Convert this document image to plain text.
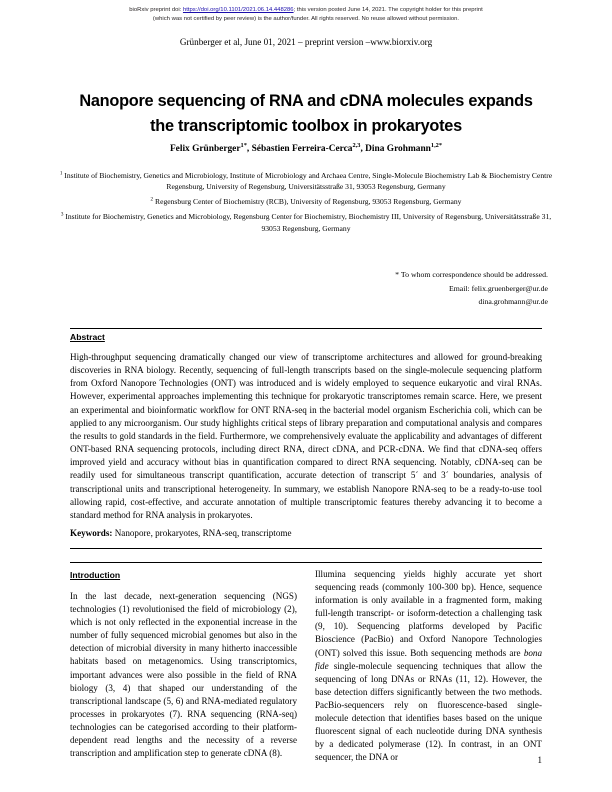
bioRxiv preprint doi: https://doi.org/10.1101/2021.06.14.448286; this version posted June 14, 2021. The copyright holder for this preprint
(which was not certified by peer review) is the author/funder. All rights reserved. No reuse allowed without permission.
Grünberger et al, June 01, 2021 – preprint version –www.biorxiv.org
Nanopore sequencing of RNA and cDNA molecules expands the transcriptomic toolbox in prokaryotes
Felix Grünberger$^{1*}$, Sébastien Ferreira-Cerca$^{2,3}$, Dina Grohmann$^{1,2*}$

$^1$ Institute of Biochemistry, Genetics and Microbiology, Institute of Microbiology and Archaea Centre, Single-Molecule Biochemistry Lab & Biochemistry Centre Regensburg, University of Regensburg, Universitätsstraße 31, 93053 Regensburg, Germany

$^2$ Regensburg Center of Biochemistry (RCB), University of Regensburg, 93053 Regensburg, Germany

$^3$ Institute for Biochemistry, Genetics and Microbiology, Regensburg Center for Biochemistry, Biochemistry III, University of Regensburg, Universitätsstraße 31, 93053 Regensburg, Germany

* To whom correspondence should be addressed.
Email: felix.gruenberger@ur.de
dina.grohmann@ur.de
Abstract
High-throughput sequencing dramatically changed our view of transcriptome architectures and allowed for ground-breaking discoveries in RNA biology. Recently, sequencing of full-length transcripts based on the single-molecule sequencing platform from Oxford Nanopore Technologies (ONT) was introduced and is widely employed to sequence eukaryotic and viral RNAs. However, experimental approaches implementing this technique for prokaryotic transcriptomes remain scarce. Here, we present an experimental and bioinformatic workflow for ONT RNA-seq in the bacterial model organism Escherichia coli, which can be applied to any microorganism. Our study highlights critical steps of library preparation and computational analysis and compares the results to gold standards in the field. Furthermore, we comprehensively evaluate the applicability and advantages of different ONT-based RNA sequencing protocols, including direct RNA, direct cDNA, and PCR-cDNA. We find that cDNA-seq offers improved yield and accuracy without bias in quantification compared to direct RNA sequencing. Notably, cDNA-seq can be readily used for simultaneous transcript quantification, accurate detection of transcript 5´ and 3´ boundaries, analysis of transcriptional units and transcriptional heterogeneity. In summary, we establish Nanopore RNA-seq to be a ready-to-use tool allowing rapid, cost-effective, and accurate annotation of multiple transcriptomic features thereby advancing it to become a standard method for RNA analysis in prokaryotes.
Keywords: Nanopore, prokaryotes, RNA-seq, transcriptome
Introduction

In the last decade, next-generation sequencing (NGS) technologies (1) revolutionised the field of microbiology (2), which is not only reflected in the exponential increase in the number of fully sequenced microbial genomes but also in the detection of microbial diversity in many hitherto inaccessible habitats based on metagenomics. Using transcriptomics, important advances were also possible in the field of RNA biology (3, 4) that shaped our understanding of the transcriptional landscape (5, 6) and RNA-mediated regulatory processes in prokaryotes (7). RNA sequencing (RNA-seq) technologies can be categorised according to their platform-dependent read lengths and the necessity of a reverse transcription and amplification step to generate cDNA (8).

Illumina sequencing yields highly accurate yet short sequencing reads (commonly 100-300 bp). Hence, sequence information is only available in a fragmented form, making full-length transcript- or isoform-detection a challenging task (9, 10). Sequencing platforms developed by Pacific Bioscience (PacBio) and Oxford Nanopore Technologies (ONT) solved this issue. Both sequencing methods are bona fide single-molecule sequencing techniques that allow the sequencing of long DNAs or RNAs (11, 12). However, the base detection differs significantly between the two methods. PacBio-sequencers rely on fluorescence-based single-molecule detection that identifies bases based on the unique fluorescent signal of each nucleotide during DNA synthesis by a dedicated polymerase (12). In contrast, in an ONT sequencer, the DNA or	1
